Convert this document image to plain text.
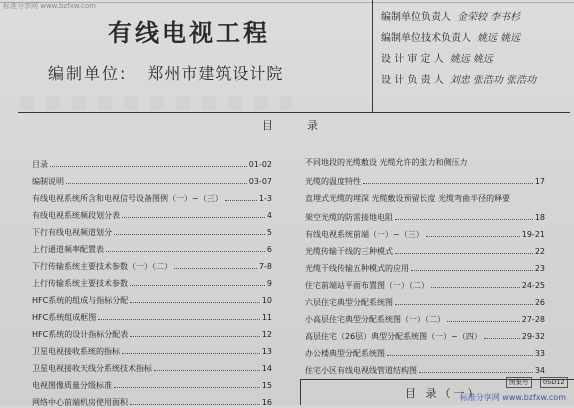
标准分享网 www.bzfxw.com
有线电视工程
编制单位: 郑州市建筑设计院
编制单位负责人 金荣较 李书杉
编制单位技术负责人 姚远 姚远
设 计 审 定 人 姚远 姚远
设 计 负 责 人 刘忠 张浩功 张浩功
目	录
目录	01-02
编制说明	03-07
有线电视系统所含和电视信号设备图例（一）~（三）	1-3
有线电视系统频段划分表	4
下行有线电视频道划分	5
上行通道频率配置表	6
下行传输系统主要技术参数（一）（二）	7-8
上行传输系统主要技术参数	9
HFC系统的组成与指标分配	10
HFC系统组成框图	11
HFC系统的设计指标分配表	12
卫星电视接收系统的指标	13
卫星电视接收天线分系统技术指标	14
电视图像质量分级标准	15
网络中心前端机房使用面积	16
不同地段的光缆敷设 光缆允许的张力和侧压力
光缆的温度特性	17
直埋式光缆的埋深 光缆敷设预留长度 光缆弯曲半径的释要
架空光缆的防雷接地电阻	18
有线电视系统前端（一）~（三）	19-21
光缆传输干线的三种模式	22
光缆干线传输五种模式的应用	23
住宅前端站平面布置图（一）（二）	24-25
六层住宅典型分配系统图	26
小高层住宅典型分配系统图（一）（二）	27-28
高层住宅（26层）典型分配系统图（一）~（四）	29-32
办公楼典型分配系统图	33
住宅小区有线电视线管道结构图	34
目 录（一）
图集号	05D12
标准分享网 www.bzfxw.com
